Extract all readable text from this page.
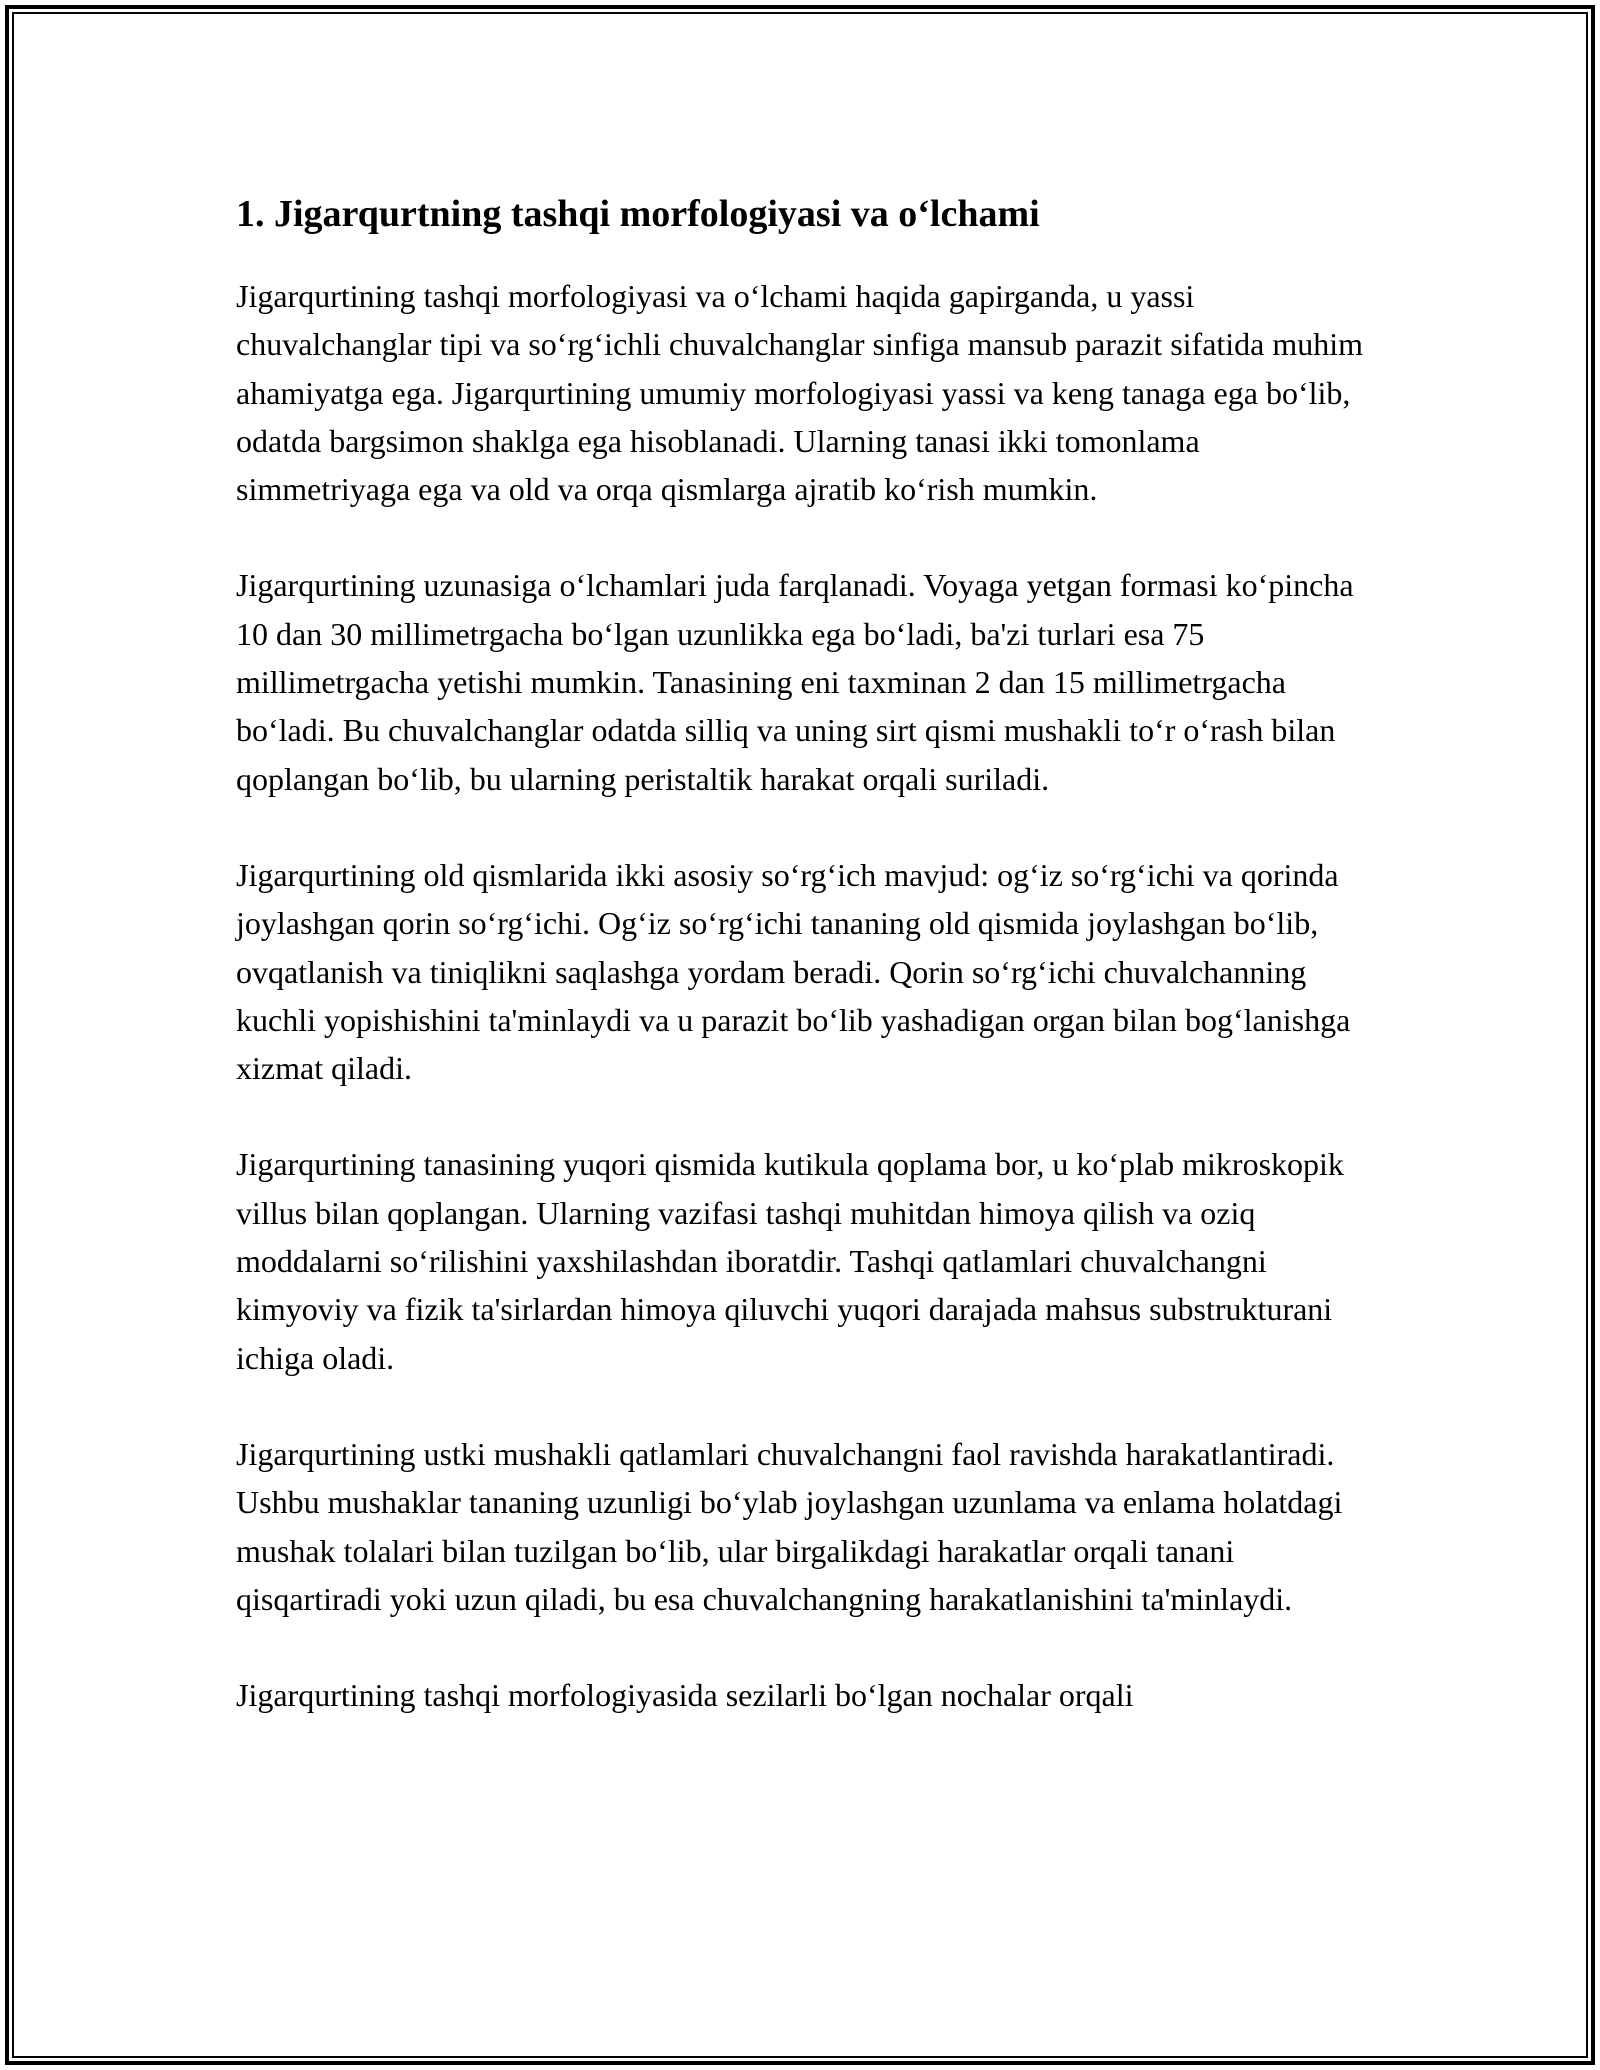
1. Jigarqurtning tashqi morfologiyasi va o‘lchami

Jigarqurtining tashqi morfologiyasi va o‘lchami haqida gapirganda, u yassi chuvalchanglar tipi va so‘rg‘ichli chuvalchanglar sinfiga mansub parazit sifatida muhim ahamiyatga ega. Jigarqurtining umumiy morfologiyasi yassi va keng tanaga ega bo‘lib, odatda bargsimon shaklga ega hisoblanadi. Ularning tanasi ikki tomonlama simmetriyaga ega va old va orqa qismlarga ajratib ko‘rish mumkin.

Jigarqurtining uzunasiga o‘lchamlari juda farqlanadi. Voyaga yetgan formasi ko‘pincha 10 dan 30 millimetrgacha bo‘lgan uzunlikka ega bo‘ladi, ba'zi turlari esa 75 millimetrgacha yetishi mumkin. Tanasining eni taxminan 2 dan 15 millimetrgacha bo‘ladi. Bu chuvalchanglar odatda silliq va uning sirt qismi mushakli to‘r o‘rash bilan qoplangan bo‘lib, bu ularning peristaltik harakat orqali suriladi.

Jigarqurtining old qismlarida ikki asosiy so‘rg‘ich mavjud: og‘iz so‘rg‘ichi va qorinda joylashgan qorin so‘rg‘ichi. Og‘iz so‘rg‘ichi tananing old qismida joylashgan bo‘lib, ovqatlanish va tiniqlikni saqlashga yordam beradi. Qorin so‘rg‘ichi chuvalchanning kuchli yopishishini ta'minlaydi va u parazit bo‘lib yashadigan organ bilan bog‘lanishga xizmat qiladi.

Jigarqurtining tanasining yuqori qismida kutikula qoplama bor, u ko‘plab mikroskopik villus bilan qoplangan. Ularning vazifasi tashqi muhitdan himoya qilish va oziq moddalarni so‘rilishini yaxshilashdan iboratdir. Tashqi qatlamlari chuvalchangni kimyoviy va fizik ta'sirlardan himoya qiluvchi yuqori darajada mahsus substrukturani ichiga oladi.

Jigarqurtining ustki mushakli qatlamlari chuvalchangni faol ravishda harakatlantiradi. Ushbu mushaklar tananing uzunligi bo‘ylab joylashgan uzunlama va enlama holatdagi mushak tolalari bilan tuzilgan bo‘lib, ular birgalikdagi harakatlar orqali tanani qisqartiradi yoki uzun qiladi, bu esa chuvalchangning harakatlanishini ta'minlaydi.

Jigarqurtining tashqi morfologiyasida sezilarli bo‘lgan nochalar orqali
